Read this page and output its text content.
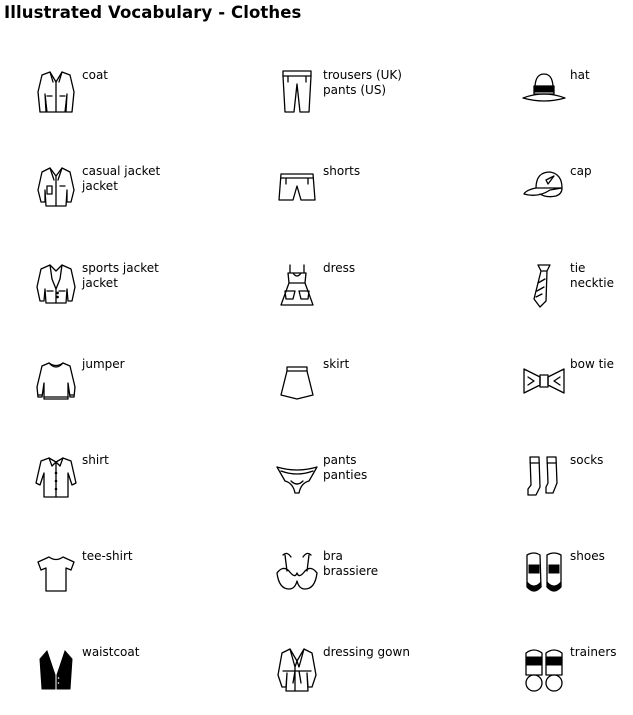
Illustrated Vocabulary - Clothes
coat
casual jacket
jacket
sports jacket
jacket
jumper
shirt
tee-shirt
waistcoat
trousers (UK)
pants (US)
shorts
dress
skirt
pants
panties
bra
brassiere
dressing gown
hat
cap
tie
necktie
bow tie
socks
shoes
trainers
